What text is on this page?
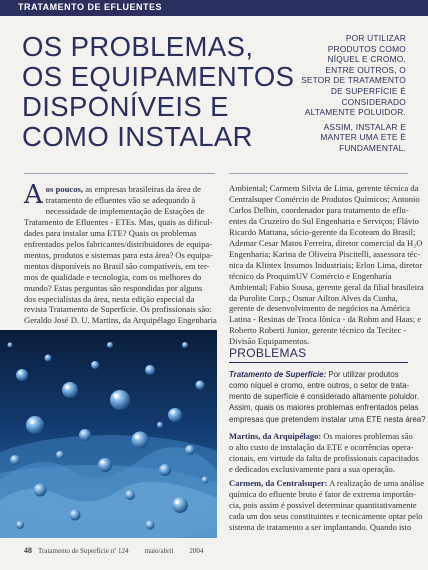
TRATAMENTO DE EFLUENTES
OS PROBLEMAS,
OS EQUIPAMENTOS
DISPONÍVEIS E
COMO INSTALAR
POR UTILIZAR
PRODUTOS COMO
NÍQUEL E CROMO,
ENTRE OUTROS, O
SETOR DE TRATAMENTO
DE SUPERFÍCIE É
CONSIDERADO
ALTAMENTE POLUIDOR.
ASSIM, INSTALAR E
MANTER UMA ETE É
FUNDAMENTAL.
A os poucos, as empresas brasileiras da área de
tratamento de efluentes vão se adequando à
necessidade de implementação de Estações de
Tratamento de Efluentes - ETEs. Mas, quais as dificul-
dades para instalar uma ETE? Quais os problemas
enfrentados pelos fabricantes/distribuidores de equipa-
mentos, produtos e sistemas para esta área? Os equipa-
mentos disponíveis no Brasil são compatíveis, em ter-
mos de qualidade e tecnologia, com os melhores do
mundo? Estas perguntas são respondidas por alguns
dos especialistas da área, nesta edição especial da
revista Tratamento de Superfície. Os profissionais são:
Geraldo José D. U. Martins, da Arquipélago Engenharia
Ambiental; Carmem Silvia de Lima, gerente técnica da
Centralsuper Comércio de Produtos Químicos; Antonio
Carlos Delbin, coordenador para tratamento de eflu-
entes da Cruzeiro do Sul Engenharia e Serviços; Flávio
Ricardo Mattana, sócio-gerente da Ecoteam do Brasil;
Ademar Cesar Matos Ferreira, diretor comercial da H₂O
Engenharia; Karina de Oliveira Piscitelli, assessora téc-
nica da Klintex Insumos Industriais; Erlon Lima, diretor
técnico da ProquimUV Comércio e Engenharia
Ambiental; Fabio Sousa, gerente geral da filial brasileira
da Purolite Corp.; Osmar Ailton Alves da Cunha,
gerente de desenvolvimento de negócios na América
Latina - Resinas de Troca Iônica - da Rohm and Haas; e
Roberto Roberti Junior, gerente técnico da Tecitec -
Divisão Equipamentos.
PROBLEMAS
Tratamento de Superfície: Por utilizar produtos
como níquel e cromo, entre outros, o setor de trata-
mento de superfície é considerado altamente poluidor.
Assim, quais os maiores problemas enfrentados pelas
empresas que pretendem instalar uma ETE nesta área?
Martins, da Arquipélago: Os maiores problemas são
o alto custo de instalação da ETE e ocorrências opera-
cionais, em virtude da falta de profissionais capacitados
e dedicados exclusivamente para a sua operação.
Carmem, da Centralsuper: A realização de uma análise
química do efluente bruto é fator de extrema importân-
cia, pois assim é possível determinar quantitativamente
cada um dos seus constituintes e tecnicamente optar pelo
sistema de tratamento a ser implantando. Quando isto
48 Tratamento de Superfície nº 124 maio/abril 2004
